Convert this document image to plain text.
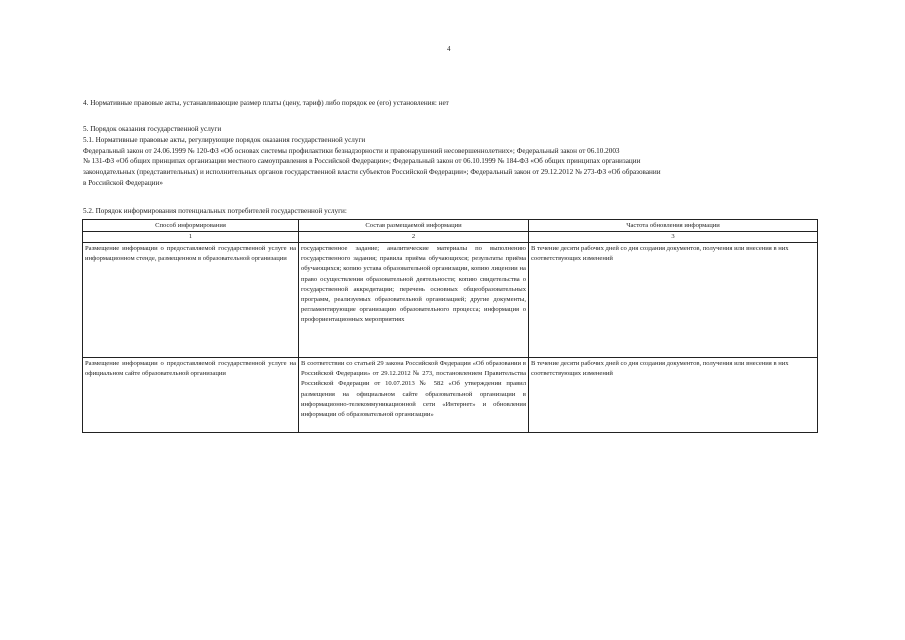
4
4. Нормативные правовые акты, устанавливающие размер платы (цену, тариф) либо порядок ее (его) установления: нет
5. Порядок оказания государственной услуги
5.1. Нормативные правовые акты, регулирующие порядок оказания государственной услуги
Федеральный закон от 24.06.1999 № 120-ФЗ «Об основах системы профилактики безнадзорности и правонарушений несовершеннолетних»; Федеральный закон от 06.10.2003
№ 131-ФЗ «Об общих принципах организации местного самоуправления в Российской Федерации»; Федеральный закон от 06.10.1999 № 184-ФЗ «Об общих принципах организации
законодательных (представительных) и исполнительных органов государственной власти субъектов Российской Федерации»; Федеральный закон от 29.12.2012 № 273-ФЗ «Об образовании
в Российской Федерации»
5.2. Порядок информирования потенциальных потребителей государственной услуги:
Способ информирования	Состав размещаемой информации	Частота обновления информации
1	2	3
Размещение информации о предоставляемой государственной услуге на информационном стенде, размещенном в образовательной организации	государственное задание; аналитические материалы по выполнению государственного задания; правила приёма обучающихся; результаты приёма обучающихся; копию устава образовательной организации, копию лицензии на право осуществления образовательной деятельности; копию свидетельства о государственной аккредитации; перечень основных общеобразовательных программ, реализуемых образовательной организацией; другие документы, регламентирующие организацию образовательного процесса; информация о профориентационных мероприятиях	В течение десяти рабочих дней со дня создания документов, получения или внесения в них соответствующих изменений
Размещение информации о предоставляемой государственной услуге на официальном сайте образовательной организации	В соответствии со статьей 29 закона Российской Федерации «Об образовании в Российской Федерации» от 29.12.2012 № 273, постановлением Правительства Российской Федерации от 10.07.2013 № 582 «Об утверждении правил размещения на официальном сайте образовательной организации в информационно-телекоммуникационной сети «Интернет» и обновления информации об образовательной организации»	В течение десяти рабочих дней со дня создания документов, получения или внесения в них соответствующих изменений
